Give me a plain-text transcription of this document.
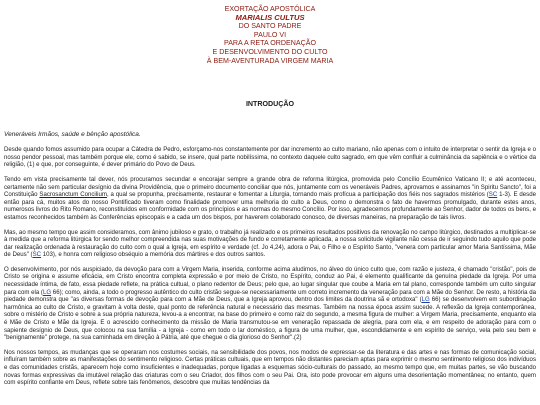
EXORTAÇÃO APOSTÓLICA
MARIALIS CULTUS
DO SANTO PADRE
PAULO VI
PARA A RETA ORDENAÇÃO
E DESENVOLVIMENTO DO CULTO
À BEM-AVENTURADA VIRGEM MARIA
INTRODUÇÃO
Veneráveis Irmãos, saúde e bênção apostólica.

Desde quando fomos assumido para ocupar a Cátedra de Pedro, esforçamo-nos constantemente por dar incremento ao culto mariano, não apenas com o intuito de interpretar o sentir da Igreja e o nosso pendor pessoal, mas também porque ele, como é sabido, se insere, qual parte nobilíssima, no contexto daquele culto sagrado, em que vêm confluir a culminância da sapiência e o vértice da religião, (1) e que, por conseguinte, é dever primário do Povo de Deus.

Tendo em vista precisamente tal dever, nós procuramos secundar e encorajar sempre a grande obra de reforma litúrgica, promovida pelo Concílio Ecumênico Vaticano II; e até aconteceu, certamente não sem particular desígnio da divina Providência, que o primeiro documento conciliar que nós, juntamente com os veneráveis Padres, aprovamos e assinamos "in Spiritu Sancto", foi a Constituição Sacrosanctum Concilium, a qual se propunha, precisamente, restaurar e fomentar a Liturgia, tornando mais profícua a participação dos fiéis nos sagrados mistérios (SC 1-3). E desde então para cá, muitos atos do nosso Pontificado tiveram como finalidade promover uma melhoria do culto a Deus, como o demonstra o fato de havermos promulgado, durante estes anos, numerosos livros do Rito Romano, reconstituídos em conformidade com os princípios e as normas do mesmo Concílio. Por isso, agradecemos profundamente ao Senhor, dador de todos os bens, e estamos reconhecidos também às Conferências episcopais e a cada um dos bispos, por haverem colaborado conosco, de diversas maneiras, na preparação de tais livros.

Mas, ao mesmo tempo que assim consideramos, com ânimo jubiloso e grato, o trabalho já realizado e os primeiros resultados positivos da renovação no campo litúrgico, destinados a multiplicar-se à medida que a reforma litúrgica for sendo melhor compreendida nas suas motivações de fundo e corretamente aplicada, a nossa solicitude vigilante não cessa de ir seguindo tudo aquilo que pode dar realização ordenada à restauração do culto com o qual a Igreja, em espírito e verdade (cf. Jo 4,24), adora o Pai, o Filho e o Espírito Santo, "venera com particular amor Maria Santíssima, Mãe de Deus" (SC 103), e honra com religioso obséquio a memória dos mártires e dos outros santos.

O desenvolvimento, por nós auspiciado, da devoção para com a Virgem Maria, inserida, conforme acima aludimos, no álveo do único culto que, com razão e justeza, é chamado "cristão", pois de Cristo se origina e assume eficácia, em Cristo encontra completa expressão e por meio de Cristo, no Espírito, conduz ao Pai, é elemento qualificante da genuína piedade da Igreja. Por uma necessidade íntima, de fato, essa piedade reflete, na prática cultual, o plano redentor de Deus; pelo que, ao lugar singular que coube a Maria em tal plano, corresponde também um culto singular para com ela (LG 66); como, ainda, a todo o progresso autêntico do culto cristão segue-se necessariamente um correto incremento da veneração para com a Mãe do Senhor. De resto, a história da piedade demonstra que "as diversas formas de devoção para com a Mãe de Deus, que a Igreja aprovou, dentro dos limites da doutrina sã e ortodoxa" (LG 66) se desenvolvem em subordinação harmônica ao culto de Cristo, e gravitam à volta deste, qual ponto de referência natural e necessário das mesmas. Também na nossa época assim sucede. A reflexão da Igreja contemporânea, sobre o mistério de Cristo e sobre a sua própria natureza, levou-a a encontrar, na base do primeiro e como raiz do segundo, a mesma figura de mulher: a Virgem Maria, precisamente, enquanto ela é Mãe de Cristo e Mãe da Igreja. E o acrescido conhecimento da missão de Maria transmutou-se em veneração repassada de alegria, para com ela, e em respeito de adoração para com o sapiente desígnio de Deus, que colocou na sua família - a Igreja - como em todo o lar doméstico, a figura de uma mulher, que, escondidamente e em espírito de serviço, vela pelo seu bem e "benignamente" protege, na sua caminhada em direção à Pátria, até que chegue o dia glorioso do Senhor".(2)

Nos nossos tempos, as mudanças que se operaram nos costumes sociais, na sensibilidade dos povos, nos modos de expressar-se da literatura e das artes e nas formas de comunicação social, influíram também sobre as manifestações do sentimento religioso. Certas práticas cultuais, que em tempos não distantes pareciam aptas para exprimir o mesmo sentimento religioso dos indivíduos e das comunidades cristãs, aparecem hoje como insuficientes e inadequadas, porque ligadas a esquemas sócio-culturais do passado, ao mesmo tempo que, em muitas partes, se vão buscando novas formas expressivas da imutável relação das criaturas com o seu Criador, dos filhos com o seu Pai. Ora, isto pode provocar em alguns uma desorientação momentânea; no entanto, quem com espírito confiante em Deus, reflete sobre tais fenômenos, descobre que muitas tendências da
